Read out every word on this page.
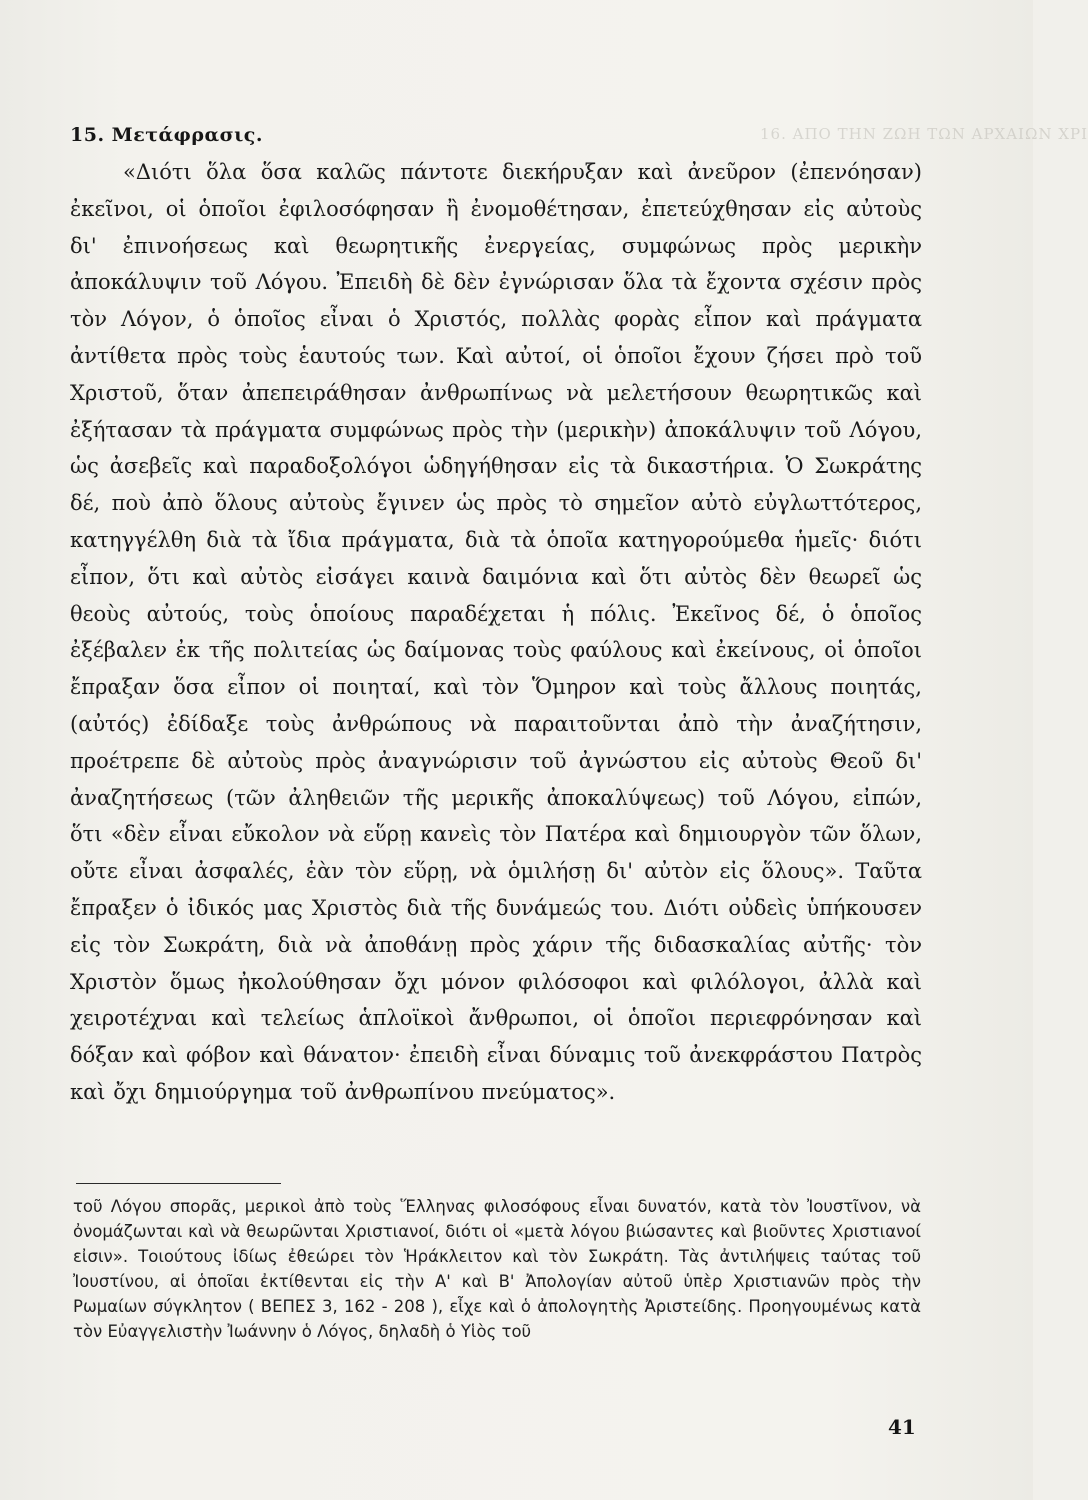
16. ΑΠΟ ΤΗΝ ΖΩΗ ΤΩΝ ΑΡΧΑΙΩΝ ΧΡΙ
15. Μετάφρασις.

«Διότι ὅλα ὅσα καλῶς πάντοτε διεκήρυξαν καὶ ἀνεῦρον (ἐπενόησαν) ἐκεῖνοι, οἱ ὁποῖοι ἐφιλοσόφησαν ἢ ἐνομοθέτησαν, ἐπετεύχθησαν εἰς αὐτοὺς δι' ἐπινοήσεως καὶ θεωρητικῆς ἐνεργείας, συμφώνως πρὸς μερικὴν ἀποκάλυψιν τοῦ Λόγου. Ἐπειδὴ δὲ δὲν ἐγνώρισαν ὅλα τὰ ἔχοντα σχέσιν πρὸς τὸν Λόγον, ὁ ὁποῖος εἶναι ὁ Χριστός, πολλὰς φορὰς εἶπον καὶ πράγματα ἀντίθετα πρὸς τοὺς ἑαυτούς των. Καὶ αὐτοί, οἱ ὁποῖοι ἔχουν ζήσει πρὸ τοῦ Χριστοῦ, ὅταν ἀπεπειράθησαν ἀνθρωπίνως νὰ μελετήσουν θεωρητικῶς καὶ ἐξήτασαν τὰ πράγματα συμφώνως πρὸς τὴν (μερικὴν) ἀποκάλυψιν τοῦ Λόγου, ὡς ἀσεβεῖς καὶ παραδοξολόγοι ὡδηγήθησαν εἰς τὰ δικαστήρια. Ὁ Σωκράτης δέ, ποὺ ἀπὸ ὅλους αὐτοὺς ἔγινεν ὡς πρὸς τὸ σημεῖον αὐτὸ εὐγλωττότερος, κατηγγέλθη διὰ τὰ ἴδια πράγματα, διὰ τὰ ὁποῖα κατηγορούμεθα ἡμεῖς· διότι εἶπον, ὅτι καὶ αὐτὸς εἰσάγει καινὰ δαιμόνια καὶ ὅτι αὐτὸς δὲν θεωρεῖ ὡς θεοὺς αὐτούς, τοὺς ὁποίους παραδέχεται ἡ πόλις. Ἐκεῖνος δέ, ὁ ὁποῖος ἐξέβαλεν ἐκ τῆς πολιτείας ὡς δαίμονας τοὺς φαύλους καὶ ἐκείνους, οἱ ὁποῖοι ἔπραξαν ὅσα εἶπον οἱ ποιηταί, καὶ τὸν Ὅμηρον καὶ τοὺς ἄλλους ποιητάς, (αὐτός) ἐδίδαξε τοὺς ἀνθρώπους νὰ παραιτοῦνται ἀπὸ τὴν ἀναζήτησιν, προέτρεπε δὲ αὐτοὺς πρὸς ἀναγνώρισιν τοῦ ἀγνώστου εἰς αὐτοὺς Θεοῦ δι' ἀναζητήσεως (τῶν ἀληθειῶν τῆς μερικῆς ἀποκαλύψεως) τοῦ Λόγου, εἰπών, ὅτι «δὲν εἶναι εὔκολον νὰ εὕρῃ κανεὶς τὸν Πατέρα καὶ δημιουργὸν τῶν ὅλων, οὔτε εἶναι ἀσφαλές, ἐὰν τὸν εὕρῃ, νὰ ὁμιλήσῃ δι' αὐτὸν εἰς ὅλους». Ταῦτα ἔπραξεν ὁ ἰδικός μας Χριστὸς διὰ τῆς δυνάμεώς του. Διότι οὐδεὶς ὑπήκουσεν εἰς τὸν Σωκράτη, διὰ νὰ ἀποθάνῃ πρὸς χάριν τῆς διδασκαλίας αὐτῆς· τὸν Χριστὸν ὅμως ἠκολούθησαν ὄχι μόνον φιλόσοφοι καὶ φιλόλογοι, ἀλλὰ καὶ χειροτέχναι καὶ τελείως ἁπλοϊκοὶ ἄνθρωποι, οἱ ὁποῖοι περιεφρόνησαν καὶ δόξαν καὶ φόβον καὶ θάνατον· ἐπειδὴ εἶναι δύναμις τοῦ ἀνεκφράστου Πατρὸς καὶ ὄχι δημιούργημα τοῦ ἀνθρωπίνου πνεύματος».

τοῦ Λόγου σπορᾶς, μερικοὶ ἀπὸ τοὺς Ἕλληνας φιλοσόφους εἶναι δυνατόν, κατὰ τὸν Ἰουστῖνον, νὰ ὀνομάζωνται καὶ νὰ θεωρῶνται Χριστιανοί, διότι οἱ «μετὰ λόγου βιώσαντες καὶ βιοῦντες Χριστιανοί εἰσιν». Τοιούτους ἰδίως ἐθεώρει τὸν Ἡράκλειτον καὶ τὸν Σωκράτη. Τὰς ἀντιλήψεις ταύτας τοῦ Ἰουστίνου, αἱ ὁποῖαι ἐκτίθενται εἰς τὴν Α' καὶ Β' Ἀπολογίαν αὐτοῦ ὑπὲρ Χριστιανῶν πρὸς τὴν Ρωμαίων σύγκλητον ( ΒΕΠΕΣ 3, 162 - 208 ), εἶχε καὶ ὁ ἀπολογητὴς Ἀριστείδης. Προηγουμένως κατὰ τὸν Εὐαγγελιστὴν Ἰωάννην ὁ Λόγος, δηλαδὴ ὁ Υἱὸς τοῦ

41
